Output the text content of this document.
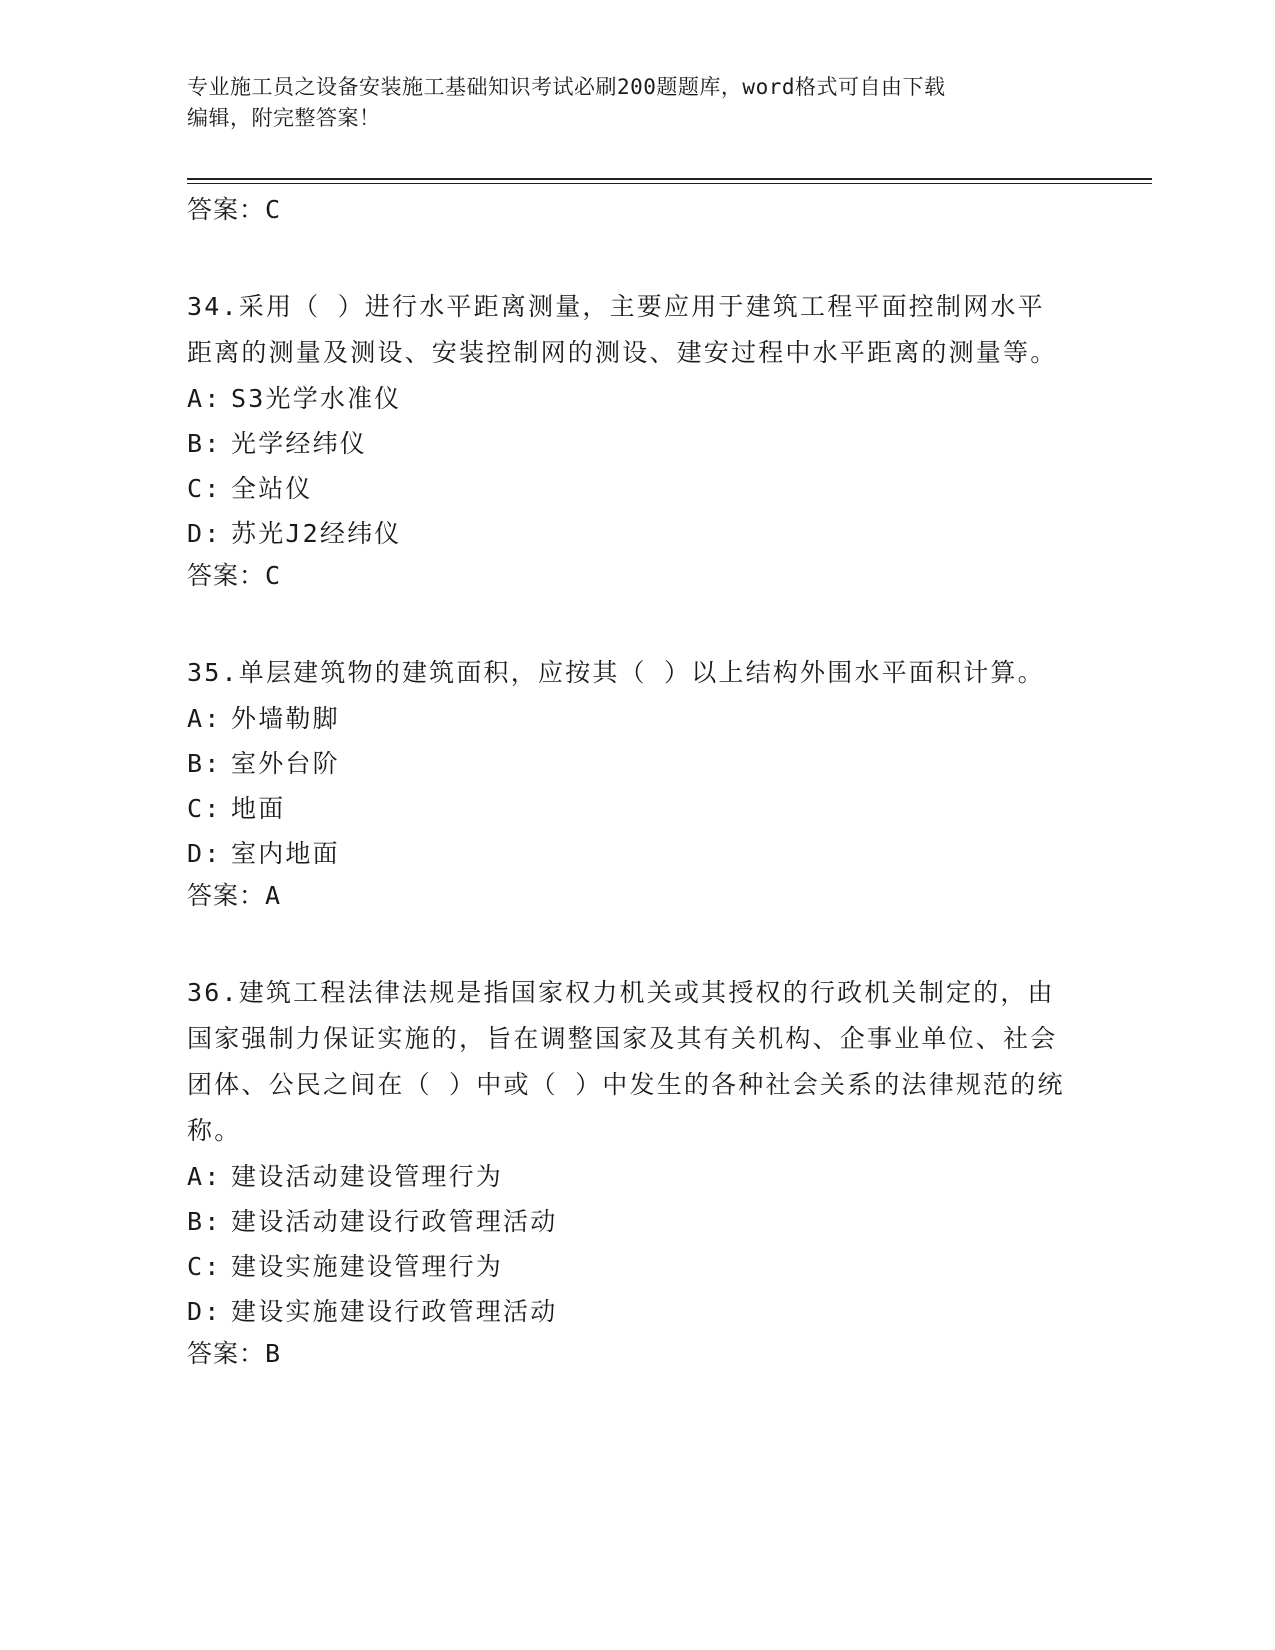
专业施工员之设备安装施工基础知识考试必刷200题题库，word格式可自由下载
编辑，附完整答案！
答案：C
34.采用（ ）进行水平距离测量，主要应用于建筑工程平面控制网水平距离的测量及测设、安装控制网的测设、建安过程中水平距离的测量等。
A: S3光学水准仪
B: 光学经纬仪
C: 全站仪
D: 苏光J2经纬仪
答案：C
35.单层建筑物的建筑面积，应按其（ ）以上结构外围水平面积计算。
A: 外墙勒脚
B: 室外台阶
C: 地面
D: 室内地面
答案：A
36.建筑工程法律法规是指国家权力机关或其授权的行政机关制定的，由国家强制力保证实施的，旨在调整国家及其有关机构、企事业单位、社会团体、公民之间在（ ）中或（ ）中发生的各种社会关系的法律规范的统称。
A: 建设活动建设管理行为
B: 建设活动建设行政管理活动
C: 建设实施建设管理行为
D: 建设实施建设行政管理活动
答案：B
